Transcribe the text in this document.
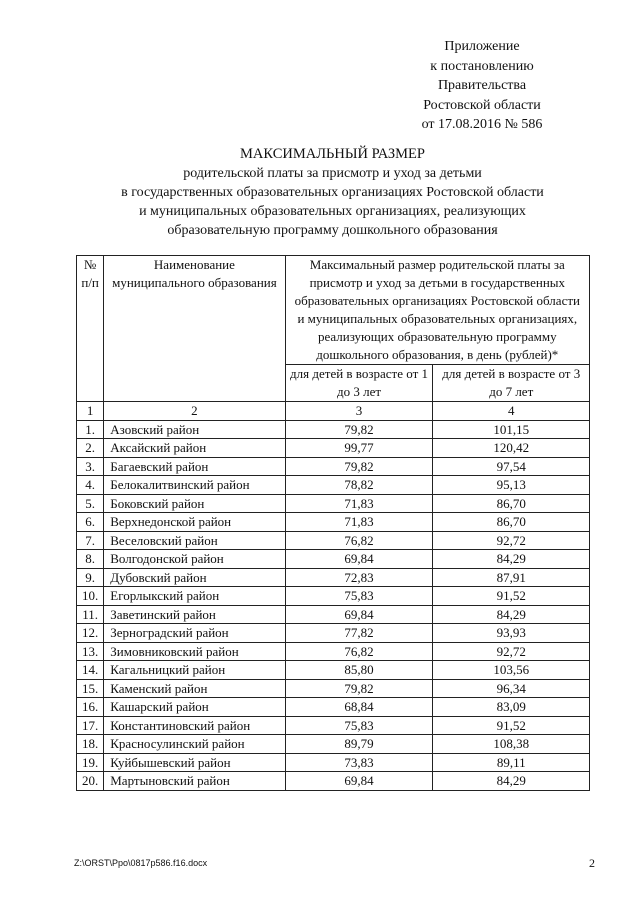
Приложение
к постановлению
Правительства
Ростовской области
от 17.08.2016 № 586
МАКСИМАЛЬНЫЙ РАЗМЕР
родительской платы за присмотр и уход за детьми
в государственных образовательных организациях Ростовской области
и муниципальных образовательных организациях, реализующих
образовательную программу дошкольного образования
№ п/п	Наименование муниципального образования	Максимальный размер родительской платы за присмотр и уход за детьми в государственных образовательных организациях Ростовской области и муниципальных образовательных организациях, реализующих образовательную программу дошкольного образования, в день (рублей)*	
		для детей в возрасте от 1 до 3 лет	для детей в возрасте от 3 до 7 лет
1	2	3	4
1.	Азовский район	79,82	101,15
2.	Аксайский район	99,77	120,42
3.	Багаевский район	79,82	97,54
4.	Белокалитвинский район	78,82	95,13
5.	Боковский район	71,83	86,70
6.	Верхнедонской район	71,83	86,70
7.	Веселовский район	76,82	92,72
8.	Волгодонской район	69,84	84,29
9.	Дубовский район	72,83	87,91
10.	Егорлыкский район	75,83	91,52
11.	Заветинский район	69,84	84,29
12.	Зерноградский район	77,82	93,93
13.	Зимовниковский район	76,82	92,72
14.	Кагальницкий район	85,80	103,56
15.	Каменский район	79,82	96,34
16.	Кашарский район	68,84	83,09
17.	Константиновский район	75,83	91,52
18.	Красносулинский район	89,79	108,38
19.	Куйбышевский район	73,83	89,11
20.	Мартыновский район	69,84	84,29
Z:\ORST\Ppo\0817p586.f16.docx	2
